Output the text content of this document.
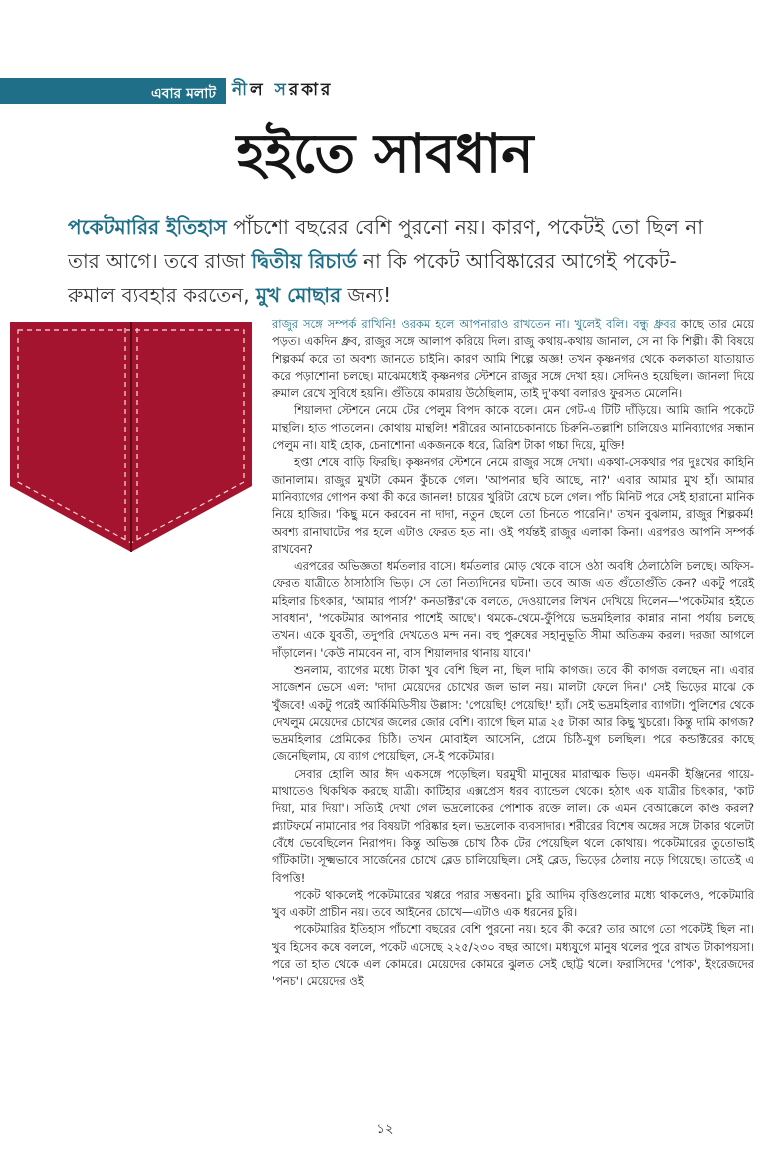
এবার মলাট নীল সরকার
হইতে সাবধান
পকেটমারির ইতিহাস পাঁচশো বছরের বেশি পুরনো নয়। কারণ, পকেটই তো ছিল না তার আগে। তবে রাজা দ্বিতীয় রিচার্ড না কি পকেট আবিষ্কারের আগেই পকেট-রুমাল ব্যবহার করতেন, মুখ মোছার জন্য!

রাজুর সঙ্গে সম্পর্ক রাখিনি! ওরকম হলে আপনারাও রাখতেন না। খুলেই বলি। বন্ধু ধ্রুবর কাছে তার মেয়ে পড়ত। একদিন ধ্রুব, রাজুর সঙ্গে আলাপ করিয়ে দিল। রাজু কথায়-কথায় জানাল, সে না কি শিল্পী। কী বিষয়ে শিল্পকর্ম করে তা অবশ্য জানতে চাইনি। কারণ আমি শিল্পে অজ্ঞ! তখন কৃষ্ণনগর থেকে কলকাতা যাতায়াত করে পড়াশোনা চলছে। মাঝেমধ্যেই কৃষ্ণনগর স্টেশনে রাজুর সঙ্গে দেখা হয়। সেদিনও হয়েছিল। জানলা দিয়ে রুমাল রেখে সুবিধে হয়নি। গুঁতিয়ে কামরায় উঠেছিলাম, তাই দু'কথা বলারও ফুরসত মেলেনি।

শিয়ালদা স্টেশনে নেমে টের পেলুম বিপদ কাকে বলে। মেন গেট-এ টিটি দাঁড়িয়ে। আমি জানি পকেটে মান্থলি। হাত পাতলেন। কোথায় মান্থলি! শরীরের আনাচেকানাচে চিরুনি-তল্লাশি চালিয়েও মানিব্যাগের সন্ধান পেলুম না। যাই হোক, চেনাশোনা একজনকে ধরে, ত্রিরিশ টাকা গচ্চা দিয়ে, মুক্তি!

হপ্তা শেষে বাড়ি ফিরছি। কৃষ্ণনগর স্টেশনে নেমে রাজুর সঙ্গে দেখা। একথা-সেকথার পর দুঃখের কাহিনি জানালাম। রাজুর মুখটা কেমন কুঁচকে গেল। 'আপনার ছবি আছে, না?' এবার আমার মুখ হাঁ। আমার মানিব্যাগের গোপন কথা কী করে জানল! চায়ের খুরিটা রেখে চলে গেল। পাঁচ মিনিট পরে সেই হারানো মানিক নিয়ে হাজির। 'কিছু মনে করবেন না দাদা, নতুন ছেলে তো চিনতে পারেনি।' তখন বুঝলাম, রাজুর শিল্পকর্ম! অবশ্য রানাঘাটের পর হলে এটাও ফেরত হত না। ওই পর্যন্তই রাজুর এলাকা কিনা। এরপরও আপনি সম্পর্ক রাখবেন?

এরপরের অভিজ্ঞতা ধর্মতলার বাসে। ধর্মতলার মোড় থেকে বাসে ওঠা অবধি ঠেলাঠেলি চলছে। অফিস-ফেরত যাত্রীতে ঠাসাঠাসি ভিড়। সে তো নিত্যদিনের ঘটনা। তবে আজ এত গুঁতোগুঁতি কেন? একটু পরেই মহিলার চিৎকার, 'আমার পার্স?' কনডাক্টর'কে বলতে, দেওয়ালের লিখন দেখিয়ে দিলেন—'পকেটমার হইতে সাবধান', 'পকেটমার আপনার পাশেই আছে'। থমকে-থেমে-ফুঁপিয়ে ভদ্রমহিলার কান্নার নানা পর্যায় চলছে তখন। একে যুবতী, তদুপরি দেখতেও মন্দ নন। বহু পুরুষের সহানুভূতি সীমা অতিক্রম করল। দরজা আগলে দাঁড়ালেন। 'কেউ নামবেন না, বাস শিয়ালদার থানায় যাবে।'

শুনলাম, ব্যাগের মধ্যে টাকা খুব বেশি ছিল না, ছিল দামি কাগজ। তবে কী কাগজ বলছেন না। এবার সাজেশন ভেসে এল: 'দাদা মেয়েদের চোখের জল ভাল নয়। মালটা ফেলে দিন।' সেই ভিড়ের মাঝে কে খুঁজবে! একটু পরেই আর্কিমিডিসীয় উল্লাস: 'পেয়েছি! পেয়েছি!' হ্যাঁ। সেই ভদ্রমহিলার ব্যাগটা। পুলিশের থেকে দেখলুম মেয়েদের চোখের জলের জোর বেশি। ব্যাগে ছিল মাত্র ২৫ টাকা আর কিছু খুচরো। কিন্তু দামি কাগজ? ভদ্রমহিলার প্রেমিকের চিঠি। তখন মোবাইল আসেনি, প্রেমে চিঠি-যুগ চলছিল। পরে কন্ডাক্টরের কাছে জেনেছিলাম, যে ব্যাগ পেয়েছিল, সে-ই পকেটমার।

সেবার হোলি আর ঈদ একসঙ্গে পড়েছিল। ঘরমুখী মানুষের মারাত্মক ভিড়। এমনকী ইঞ্জিনের গায়ে-মাথাতেও থিকথিক করছে যাত্রী। কাটিহার এক্সপ্রেস ধরব ব্যান্ডেল থেকে। হঠাৎ এক যাত্রীর চিৎকার, 'কাট দিয়া, মার দিয়া'। সত্যিই দেখা গেল ভদ্রলোকের পোশাক রক্তে লাল। কে এমন বেআক্কেলে কাণ্ড করল? প্ল্যাটফর্মে নামানোর পর বিষয়টা পরিষ্কার হল। ভদ্রলোক ব্যবসাদার। শরীরের বিশেষ অঙ্গের সঙ্গে টাকার থলেটা বেঁধে ভেবেছিলেন নিরাপদ। কিন্তু অভিজ্ঞ চোখ ঠিক টের পেয়েছিল থলে কোথায়। পকেটমারের তুতোভাই গাঁটকাটা। সূক্ষ্মভাবে সার্জেনের চোখে ব্লেড চালিয়েছিল। সেই ব্লেড, ভিড়ের ঠেলায় নড়ে গিয়েছে। তাতেই এ বিপত্তি!

পকেট থাকলেই পকেটমারের খপ্পরে পরার সম্ভবনা। চুরি আদিম বৃত্তিগুলোর মধ্যে থাকলেও, পকেটমারি খুব একটা প্রাচীন নয়। তবে আইনের চোখে—এটাও এক ধরনের চুরি।

পকেটমারির ইতিহাস পাঁচশো বছরের বেশি পুরনো নয়। হবে কী করে? তার আগে তো পকেটই ছিল না। খুব হিসেব কষে বললে, পকেট এসেছে ২২৫/২৩০ বছর আগে। মধ্যযুগে মানুষ থলের পুরে রাখত টাকাপয়সা। পরে তা হাত থেকে এল কোমরে। মেয়েদের কোমরে ঝুলত সেই ছোট্ট থলে। ফরাসিদের 'পোক', ইংরেজদের 'পনচ'। মেয়েদের ওই

১২
